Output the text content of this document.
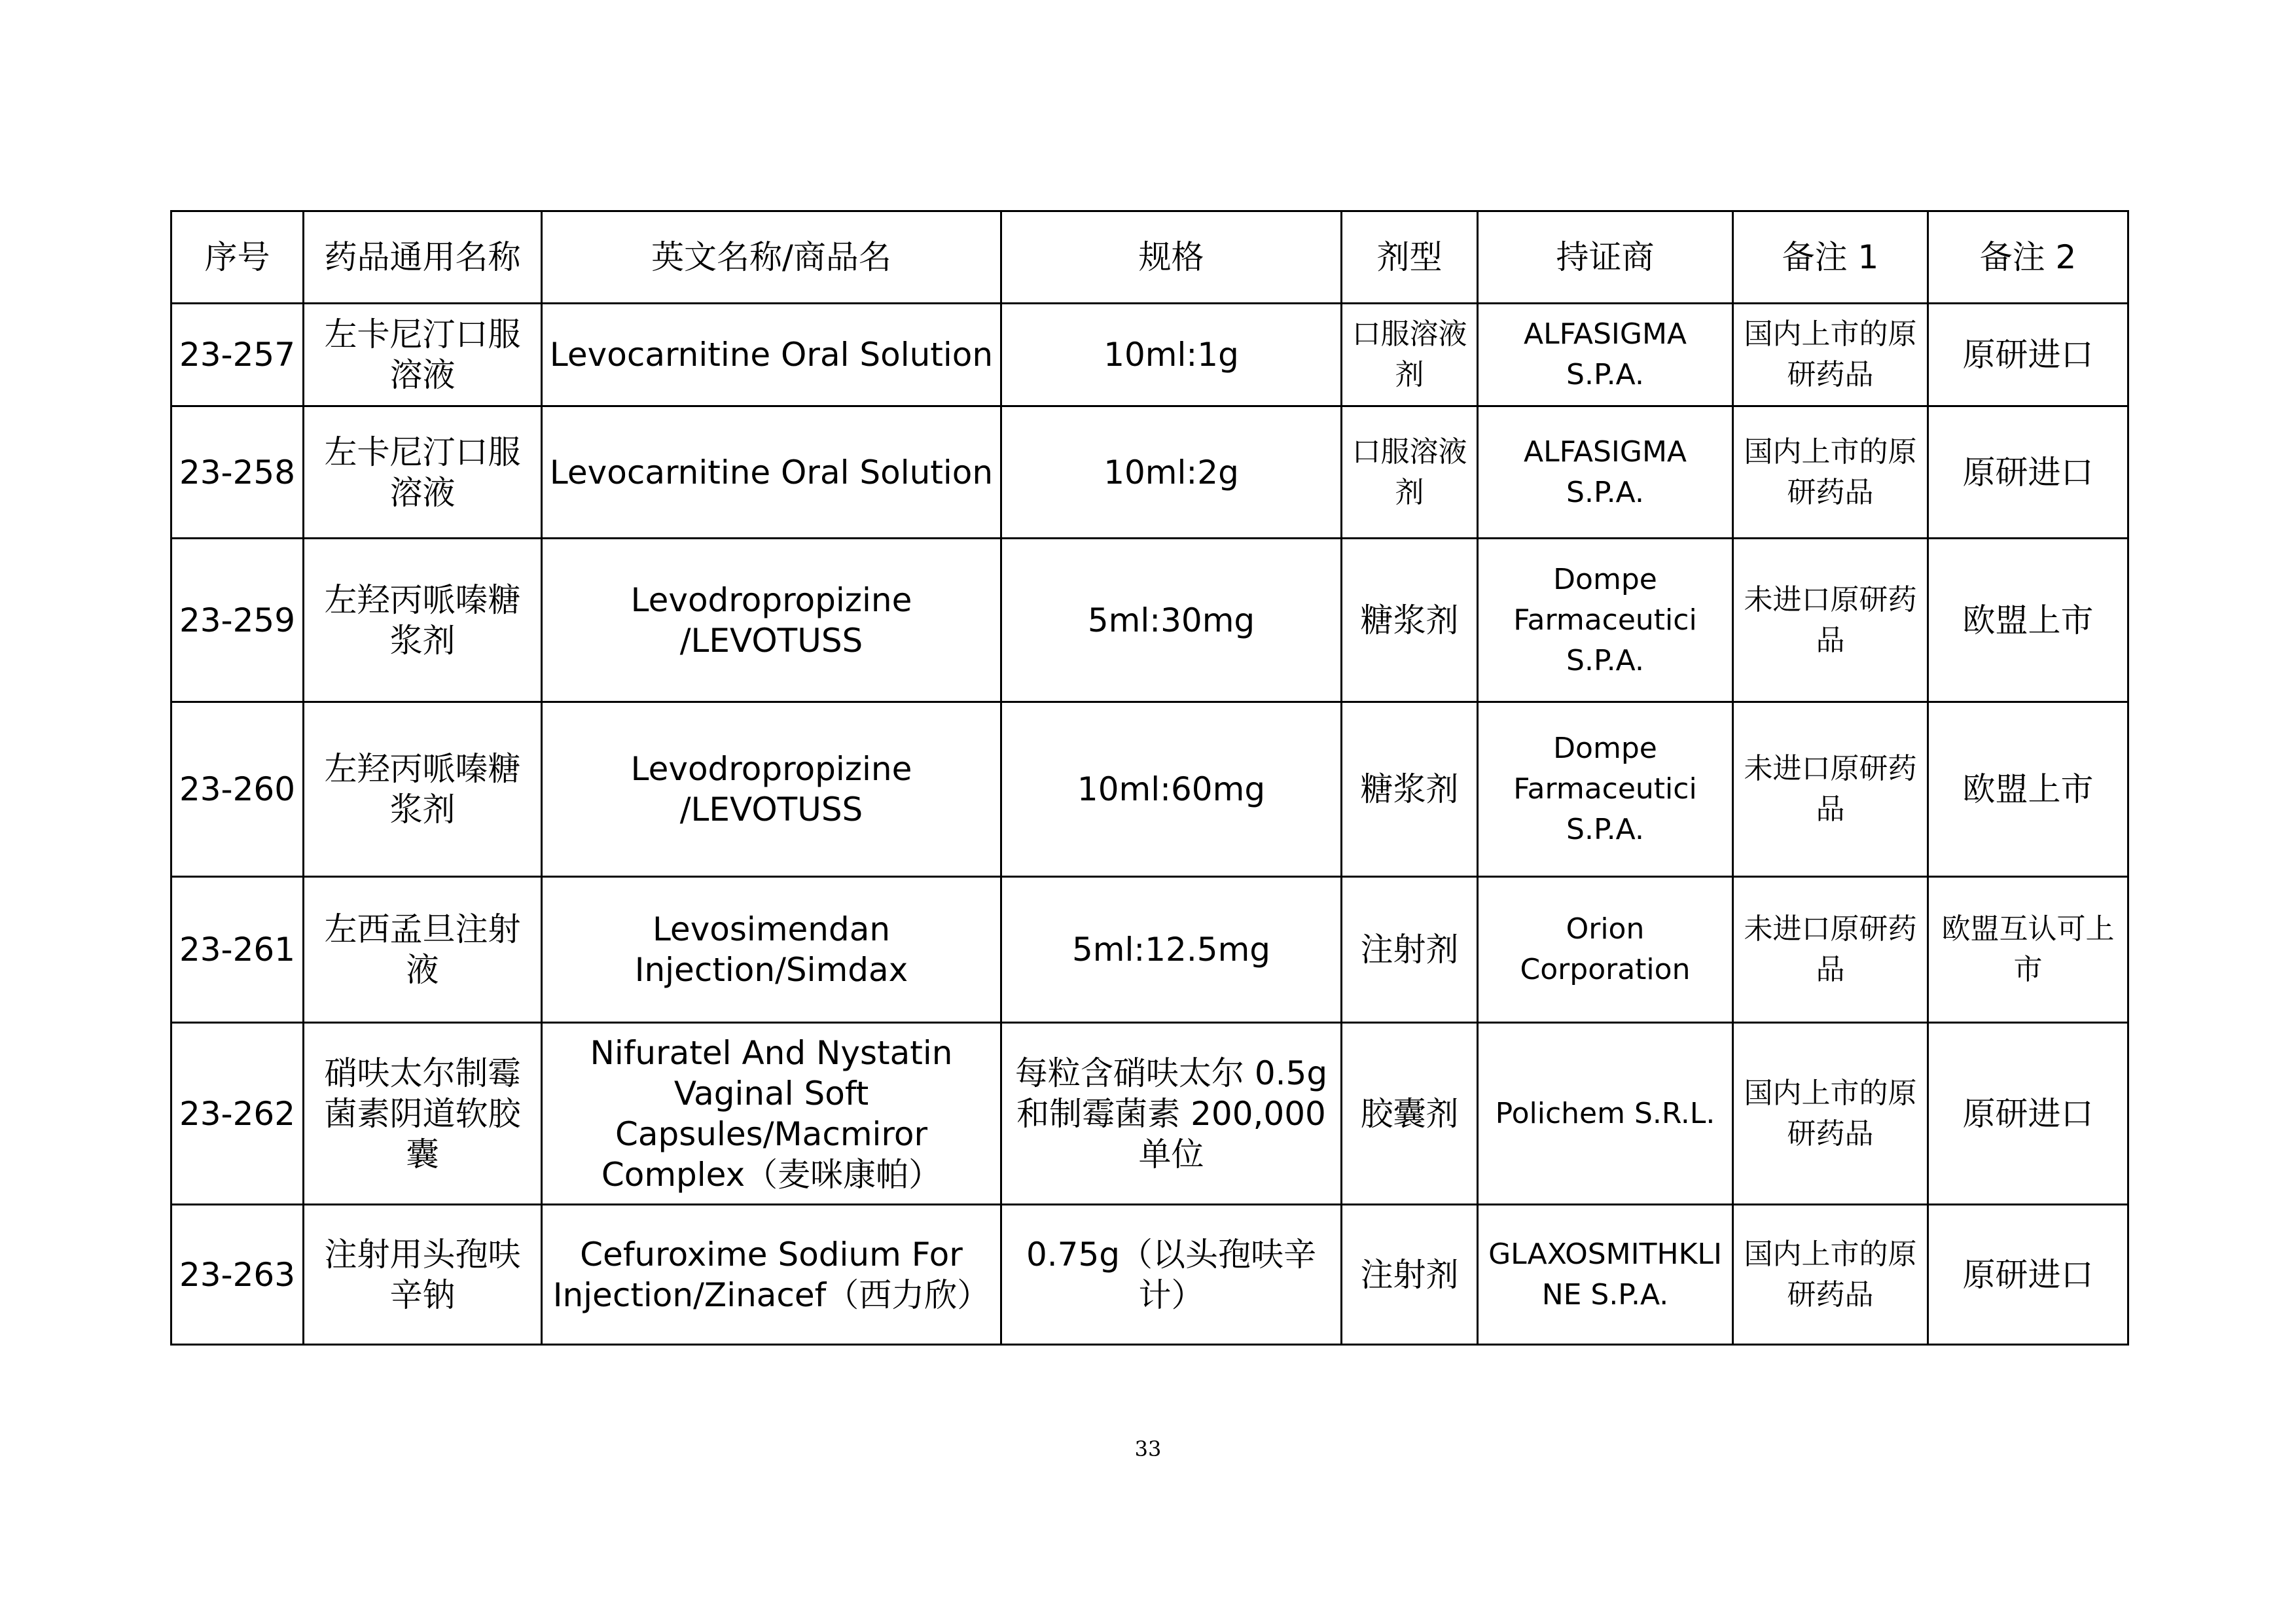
序号	药品通用名称	英文名称/商品名	规格	剂型	持证商	备注 1	备注 2
23-257	左卡尼汀口服溶液	Levocarnitine Oral Solution	10ml:1g	口服溶液剂	ALFASIGMA S.P.A.	国内上市的原研药品	原研进口
23-258	左卡尼汀口服溶液	Levocarnitine Oral Solution	10ml:2g	口服溶液剂	ALFASIGMA S.P.A.	国内上市的原研药品	原研进口
23-259	左羟丙哌嗪糖浆剂	Levodropropizine /LEVOTUSS	5ml:30mg	糖浆剂	Dompe Farmaceutici S.P.A.	未进口原研药品	欧盟上市
23-260	左羟丙哌嗪糖浆剂	Levodropropizine /LEVOTUSS	10ml:60mg	糖浆剂	Dompe Farmaceutici S.P.A.	未进口原研药品	欧盟上市
23-261	左西孟旦注射液	Levosimendan Injection/Simdax	5ml:12.5mg	注射剂	Orion Corporation	未进口原研药品	欧盟互认可上市
23-262	硝呋太尔制霉菌素阴道软胶囊	Nifuratel And Nystatin Vaginal Soft Capsules/Macmiror Complex（麦咪康帕）	每粒含硝呋太尔 0.5g 和制霉菌素 200,000 单位	胶囊剂	Polichem S.R.L.	国内上市的原研药品	原研进口
23-263	注射用头孢呋辛钠	Cefuroxime Sodium For Injection/Zinacef（西力欣）	0.75g（以头孢呋辛计）	注射剂	GLAXOSMITHKLINE S.P.A.	国内上市的原研药品	原研进口
33
